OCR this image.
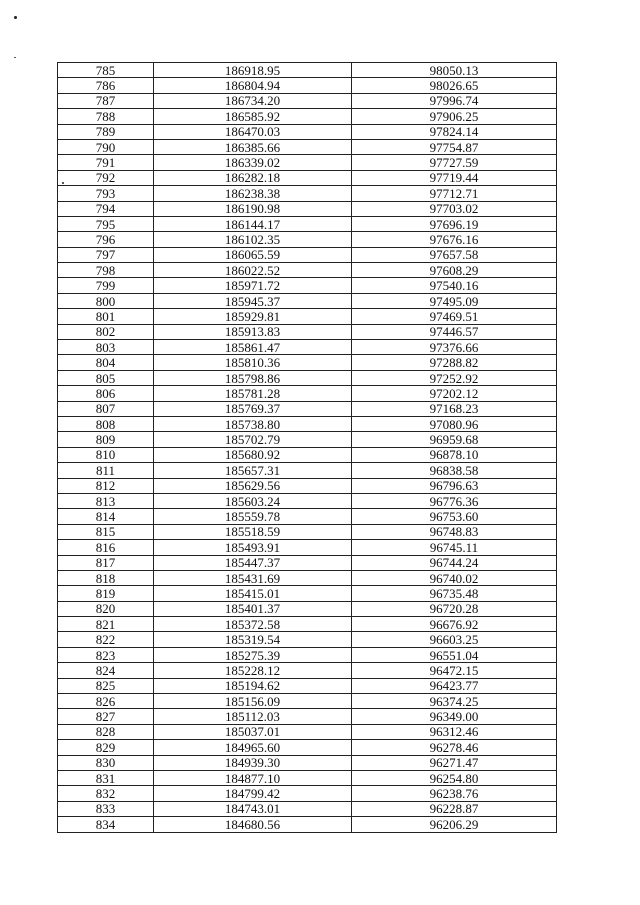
785	186918.95	98050.13
786	186804.94	98026.65
787	186734.20	97996.74
788	186585.92	97906.25
789	186470.03	97824.14
790	186385.66	97754.87
791	186339.02	97727.59
792	186282.18	97719.44
793	186238.38	97712.71
794	186190.98	97703.02
795	186144.17	97696.19
796	186102.35	97676.16
797	186065.59	97657.58
798	186022.52	97608.29
799	185971.72	97540.16
800	185945.37	97495.09
801	185929.81	97469.51
802	185913.83	97446.57
803	185861.47	97376.66
804	185810.36	97288.82
805	185798.86	97252.92
806	185781.28	97202.12
807	185769.37	97168.23
808	185738.80	97080.96
809	185702.79	96959.68
810	185680.92	96878.10
811	185657.31	96838.58
812	185629.56	96796.63
813	185603.24	96776.36
814	185559.78	96753.60
815	185518.59	96748.83
816	185493.91	96745.11
817	185447.37	96744.24
818	185431.69	96740.02
819	185415.01	96735.48
820	185401.37	96720.28
821	185372.58	96676.92
822	185319.54	96603.25
823	185275.39	96551.04
824	185228.12	96472.15
825	185194.62	96423.77
826	185156.09	96374.25
827	185112.03	96349.00
828	185037.01	96312.46
829	184965.60	96278.46
830	184939.30	96271.47
831	184877.10	96254.80
832	184799.42	96238.76
833	184743.01	96228.87
834	184680.56	96206.29
